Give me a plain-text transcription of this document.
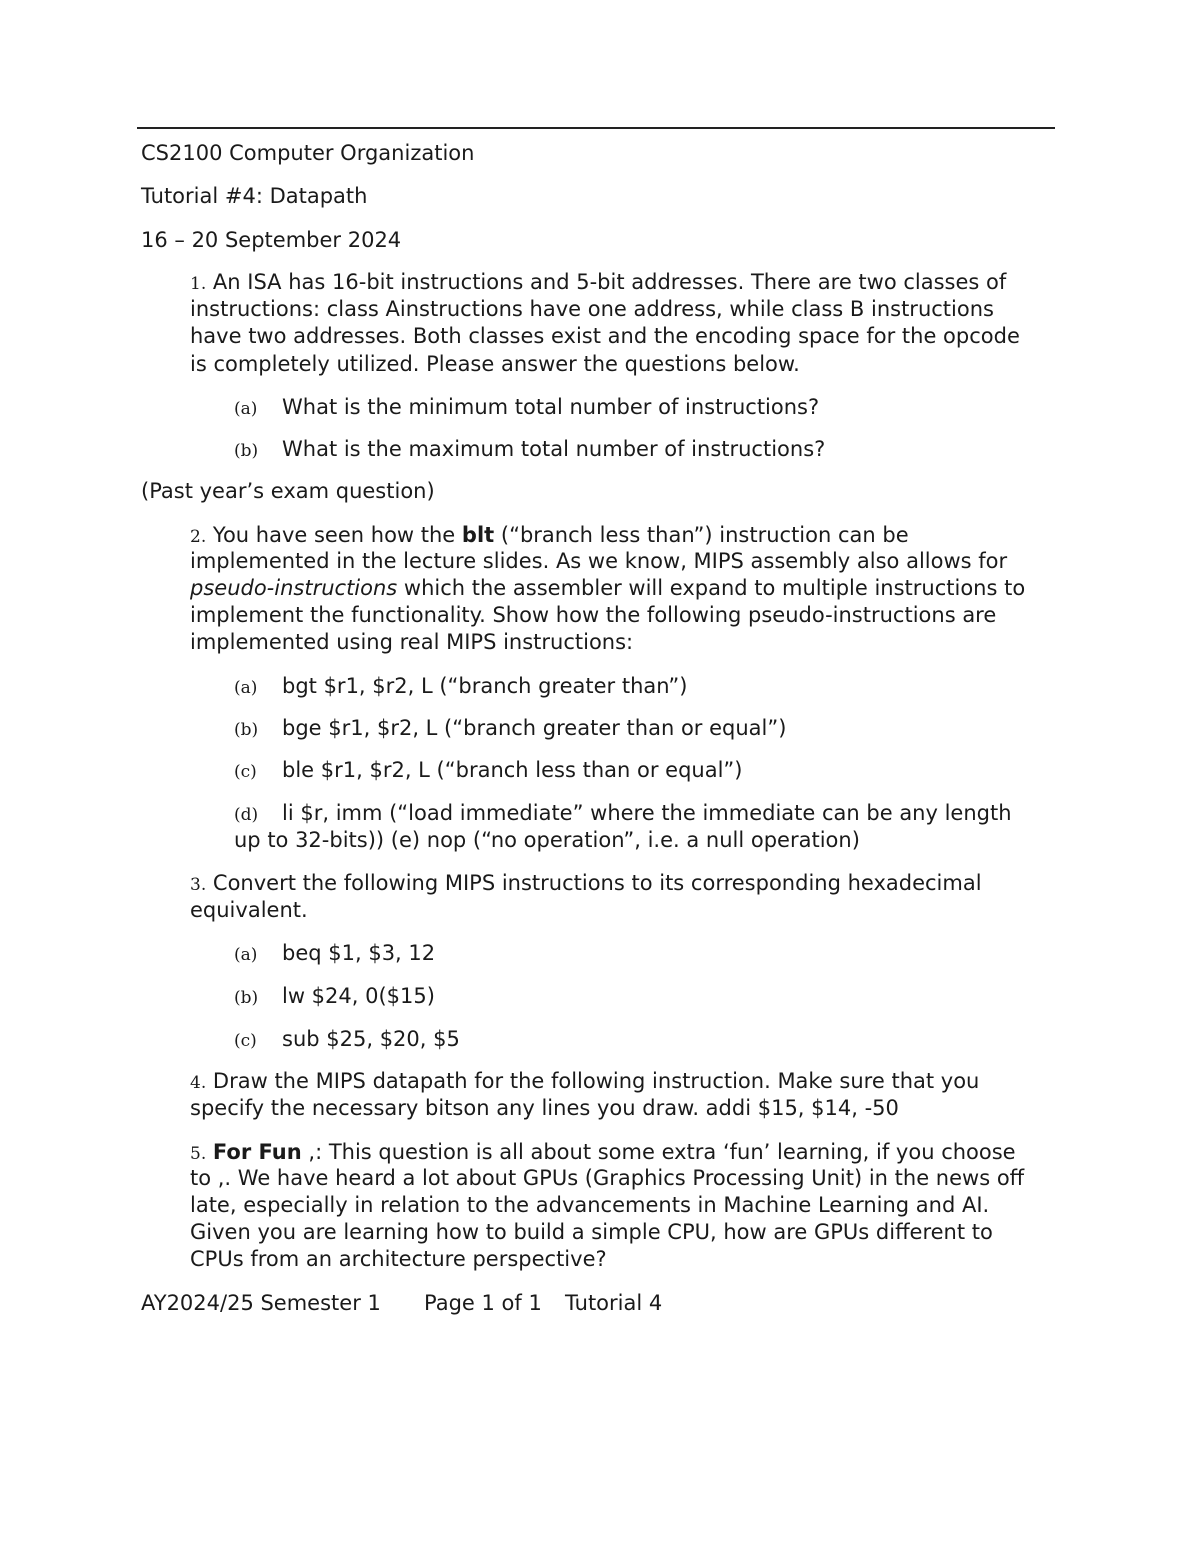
CS2100 Computer Organization
Tutorial #4: Datapath
16 – 20 September 2024
1. An ISA has 16-bit instructions and 5-bit addresses. There are two classes of
instructions: class Ainstructions have one address, while class B instructions
have two addresses. Both classes exist and the encoding space for the opcode
is completely utilized. Please answer the questions below.
(a) What is the minimum total number of instructions?
(b) What is the maximum total number of instructions?
(Past year’s exam question)
2. You have seen how the blt (“branch less than”) instruction can be
implemented in the lecture slides. As we know, MIPS assembly also allows for
pseudo-instructions which the assembler will expand to multiple instructions to
implement the functionality. Show how the following pseudo-instructions are
implemented using real MIPS instructions:
(a) bgt $r1, $r2, L (“branch greater than”)
(b) bge $r1, $r2, L (“branch greater than or equal”)
(c) ble $r1, $r2, L (“branch less than or equal”)
(d) li $r, imm (“load immediate” where the immediate can be any length
up to 32-bits)) (e) nop (“no operation”, i.e. a null operation)
3. Convert the following MIPS instructions to its corresponding hexadecimal
equivalent.
(a) beq $1, $3, 12
(b) lw $24, 0($15)
(c) sub $25, $20, $5
4. Draw the MIPS datapath for the following instruction. Make sure that you
specify the necessary bitson any lines you draw. addi $15, $14, -50
5. For Fun ,: This question is all about some extra ‘fun’ learning, if you choose
to ,. We have heard a lot about GPUs (Graphics Processing Unit) in the news off
late, especially in relation to the advancements in Machine Learning and AI.
Given you are learning how to build a simple CPU, how are GPUs different to
CPUs from an architecture perspective?
AY2024/25 Semester 1 Page 1 of 1 Tutorial 4
